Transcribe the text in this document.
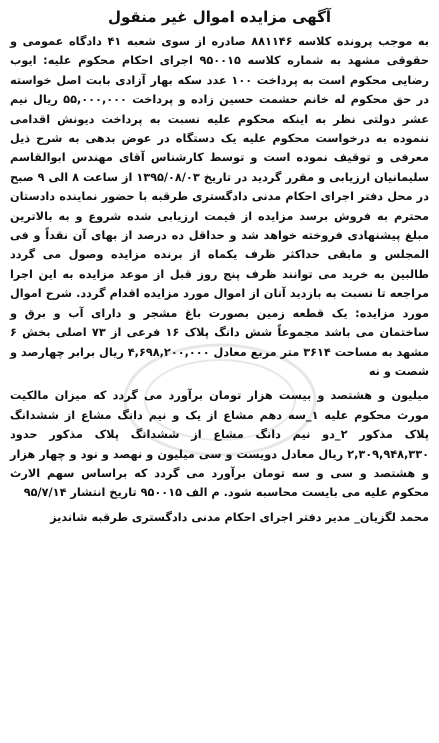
آگهی مزایده اموال غیر منقول

به موجب پرونده کلاسه ۸۸۱۱۴۶ صادره از سوی شعبه ۴۱ دادگاه عمومی و حقوقی مشهد به شماره کلاسه ۹۵۰۰۱۵ اجرای احکام محکوم علیه: ایوب رضایی محکوم است به پرداخت ۱۰۰ عدد سکه بهار آزادی بابت اصل خواسته در حق محکوم له خانم حشمت حسین زاده و پرداخت ۵۵,۰۰۰,۰۰۰ ریال نیم عشر دولتی نظر به اینکه محکوم علیه نسبت به پرداخت دیونش اقدامی ننموده به درخواست محکوم علیه یک دستگاه در عوض بدهی به شرح ذیل معرفی و توقیف نموده است و توسط کارشناس آقای مهندس ابوالقاسم سلیمانیان ارزیابی و مقرر گردید در تاریخ ۱۳۹۵/۰۸/۰۳ از ساعت ۸ الی ۹ صبح در محل دفتر اجرای احکام مدنی دادگستری طرقبه با حضور نماینده دادستان محترم به فروش برسد مزایده از قیمت ارزیابی شده شروع و به بالاترین مبلغ پیشنهادی فروخته خواهد شد و حداقل ده درصد از بهای آن نقداً و فی المجلس و مابقی حداکثر ظرف یکماه از برنده مزایده وصول می گردد طالبین به خرید می توانند ظرف پنج روز قبل از موعد مزایده به این اجرا مراجعه تا نسبت به بازدید آنان از اموال مورد مزایده اقدام گردد. شرح اموال مورد مزایده: یک قطعه زمین بصورت باغ مشجر و دارای آب و برق و ساختمان می باشد مجموعاً شش دانگ پلاک ۱۶ فرعی از ۷۳ اصلی بخش ۶ مشهد به مساحت ۳۶۱۴ متر مربع معادل ۴,۶۹۸,۲۰۰,۰۰۰ ریال برابر چهارصد و شصت و نه

میلیون و هشتصد و بیست هزار تومان برآورد می گردد که میزان مالکیت مورث محکوم علیه ۱_سه دهم مشاع از یک و نیم دانگ مشاع از ششدانگ پلاک مذکور ۲_دو نیم دانگ مشاع از ششدانگ پلاک مذکور حدود ۲,۳۰۹,۹۴۸,۳۳۰ ریال معادل دویست و سی میلیون و نهصد و نود و چهار هزار و هشتصد و سی و سه تومان برآورد می گردد که براساس سهم الارث محکوم علیه می بایست محاسبه شود. م الف ۹۵۰۰۱۵ تاریخ انتشار ۹۵/۷/۱۴

محمد لگزیان_ مدیر دفتر اجرای احکام مدنی دادگستری طرقبه شاندیز
